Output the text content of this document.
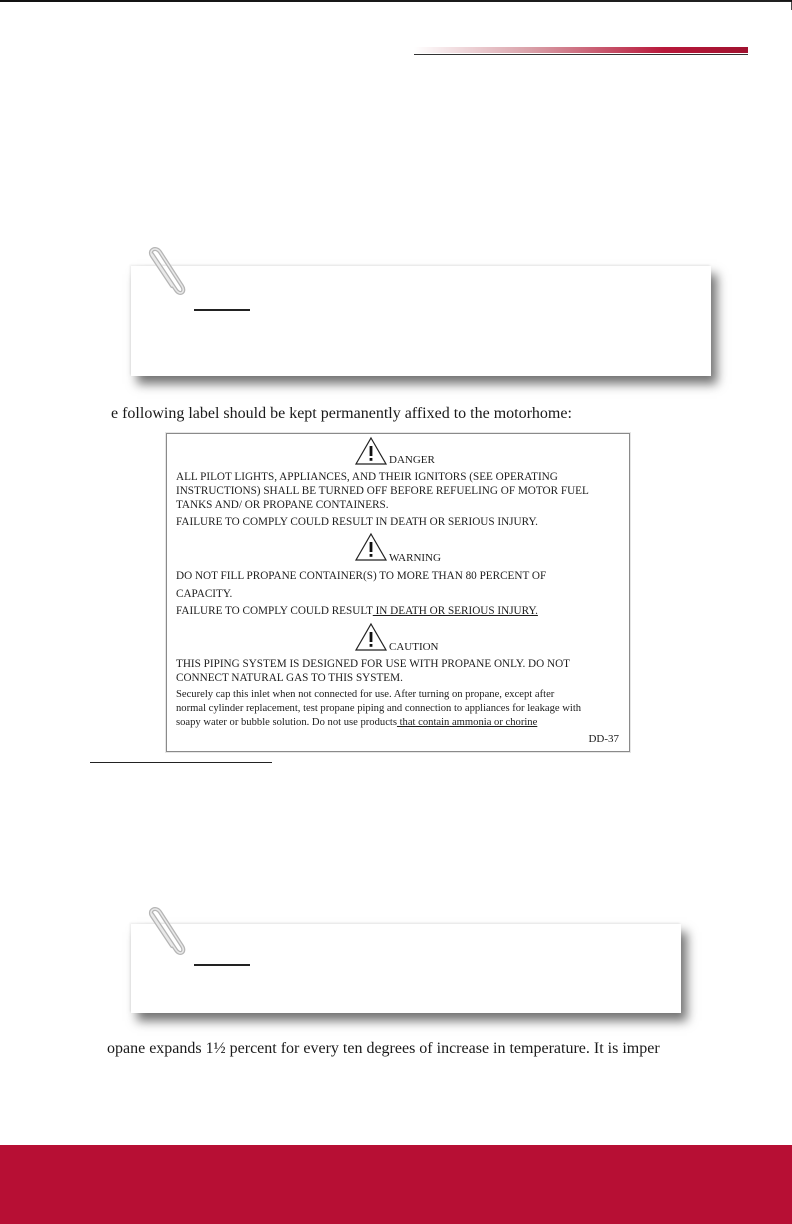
e following label should be kept permanently affixed to the motorhome:

DANGER

ALL PILOT LIGHTS, APPLIANCES, AND THEIR IGNITORS (SEE OPERATING

INSTRUCTIONS) SHALL BE TURNED OFF BEFORE REFUELING OF MOTOR FUEL

TANKS AND/ OR PROPANE CONTAINERS.

FAILURE TO COMPLY COULD RESULT IN DEATH OR SERIOUS INJURY.

WARNING

DO NOT FILL PROPANE CONTAINER(S) TO MORE THAN 80 PERCENT OF

CAPACITY.

FAILURE TO COMPLY COULD RESULT IN DEATH OR SERIOUS INJURY.

CAUTION

THIS PIPING SYSTEM IS DESIGNED FOR USE WITH PROPANE ONLY. DO NOT

CONNECT NATURAL GAS TO THIS SYSTEM.

Securely cap this inlet when not connected for use. After turning on propane, except after

normal cylinder replacement, test propane piping and connection to appliances for leakage with

soapy water or bubble solution. Do not use products that contain ammonia or chorine

DD-37

opane expands 1½ percent for every ten degrees of increase in temperature. It is imper
